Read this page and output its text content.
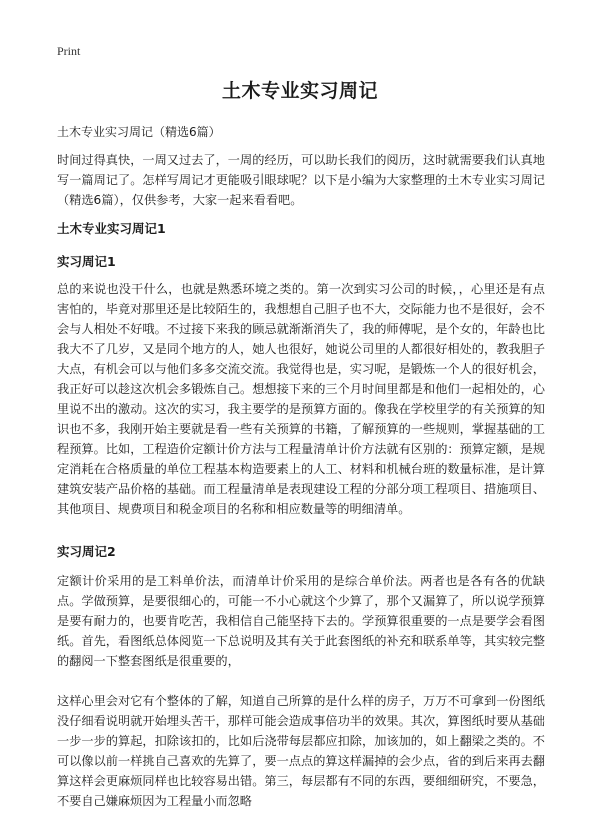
Print
土木专业实习周记
土木专业实习周记（精选6篇）

时间过得真快，一周又过去了，一周的经历，可以助长我们的阅历，这时就需要我们认真地写一篇周记了。怎样写周记才更能吸引眼球呢？以下是小编为大家整理的土木专业实习周记（精选6篇），仅供参考，大家一起来看看吧。

土木专业实习周记1
实习周记1

总的来说也没干什么，也就是熟悉环境之类的。第一次到实习公司的时候，，心里还是有点害怕的，毕竟对那里还是比较陌生的，我想想自己胆子也不大，交际能力也不是很好，会不会与人相处不好哦。不过接下来我的顾忌就渐渐消失了，我的师傅呢，是个女的，年龄也比我大不了几岁，又是同个地方的人，她人也很好，她说公司里的人都很好相处的，教我胆子大点，有机会可以与他们多多交流交流。我觉得也是，实习呢，是锻炼一个人的很好机会，我正好可以趁这次机会多锻炼自己。想想接下来的三个月时间里都是和他们一起相处的，心里说不出的激动。这次的实习，我主要学的是预算方面的。像我在学校里学的有关预算的知识也不多，我刚开始主要就是看一些有关预算的书籍，了解预算的一些规则，掌握基础的工程预算。比如，工程造价定额计价方法与工程量清单计价方法就有区别的：预算定额，是规定消耗在合格质量的单位工程基本构造要素上的人工、材料和机械台班的数量标准，是计算建筑安装产品价格的基础。而工程量清单是表现建设工程的分部分项工程项目、措施项目、其他项目、规费项目和税金项目的名称和相应数量等的明细清单。

实习周记2

定额计价采用的是工料单价法，而清单计价采用的是综合单价法。两者也是各有各的优缺点。学做预算，是要很细心的，可能一不小心就这个少算了，那个又漏算了，所以说学预算是要有耐力的，也要肯吃苦，我相信自己能坚持下去的。学预算很重要的一点是要学会看图纸。首先，看图纸总体阅览一下总说明及其有关于此套图纸的补充和联系单等，其实较完整的翻阅一下整套图纸是很重要的，

这样心里会对它有个整体的了解，知道自己所算的是什么样的房子，万万不可拿到一份图纸没仔细看说明就开始埋头苦干，那样可能会造成事倍功半的效果。其次，算图纸时要从基础一步一步的算起，扣除该扣的，比如后浇带每层都应扣除，加该加的，如上翻梁之类的。不可以像以前一样挑自己喜欢的先算了，要一点点的算这样漏掉的会少点，省的到后来再去翻算这样会更麻烦同样也比较容易出错。第三，每层都有不同的东西，要细细研究，不要急，不要自己嫌麻烦因为工程量小而忽略
